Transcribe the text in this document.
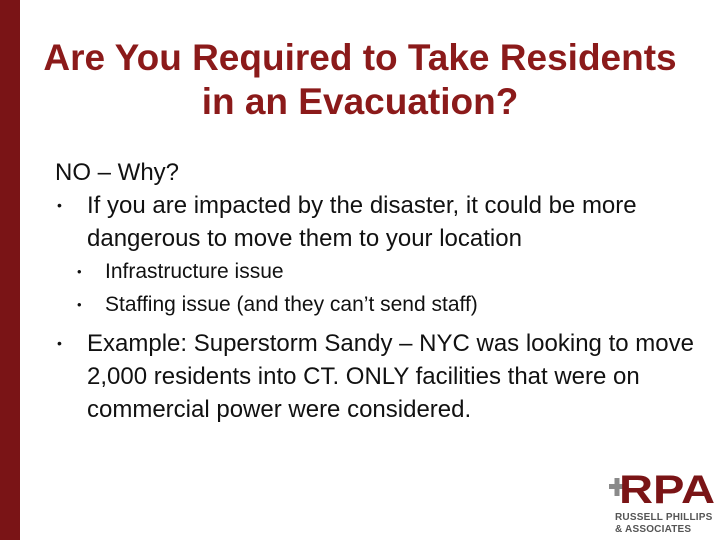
Are You Required to Take Residents in an Evacuation?

NO – Why?

• If you are impacted by the disaster, it could be more dangerous to move them to your location
• Infrastructure issue
• Staffing issue (and they can’t send staff)
• Example: Superstorm Sandy – NYC was looking to move 2,000 residents into CT. ONLY facilities that were on commercial power were considered.
RPA
RUSSELL PHILLIPS
& ASSOCIATES
